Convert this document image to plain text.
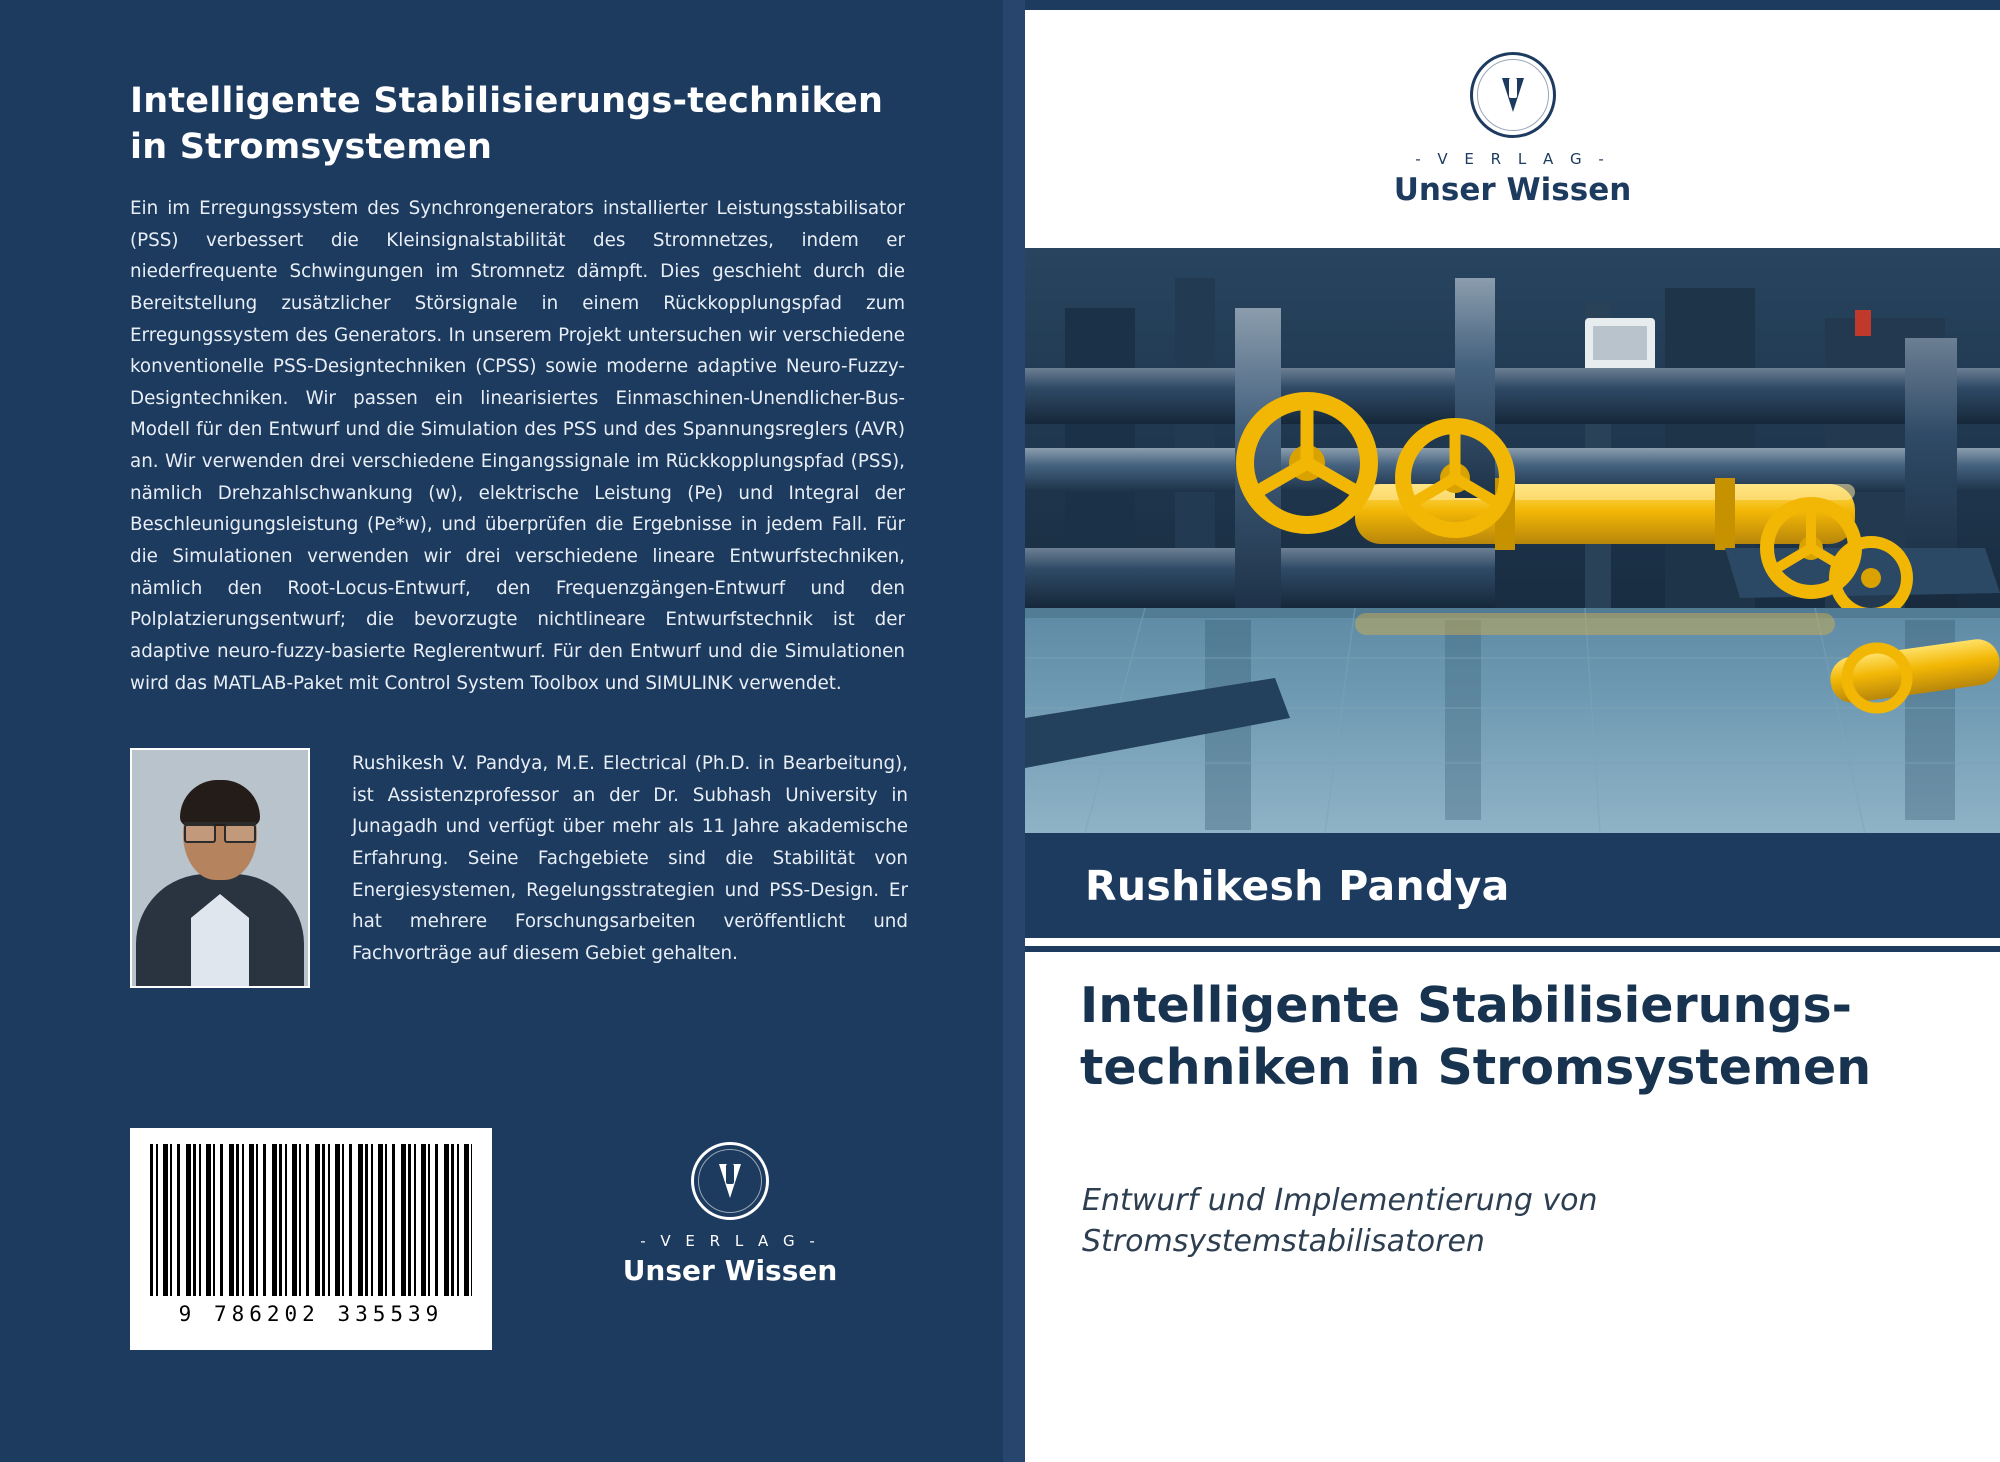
Intelligente Stabilisierungs-techniken in Stromsystemen
Ein im Erregungssystem des Synchrongenerators installierter Leistungsstabilisator (PSS) verbessert die Kleinsignalstabilität des Stromnetzes, indem er niederfrequente Schwingungen im Stromnetz dämpft. Dies geschieht durch die Bereitstellung zusätzlicher Störsignale in einem Rückkopplungspfad zum Erregungssystem des Generators. In unserem Projekt untersuchen wir verschiedene konventionelle PSS-Designtechniken (CPSS) sowie moderne adaptive Neuro-Fuzzy-Designtechniken. Wir passen ein linearisiertes Einmaschinen-Unendlicher-Bus-Modell für den Entwurf und die Simulation des PSS und des Spannungsreglers (AVR) an. Wir verwenden drei verschiedene Eingangssignale im Rückkopplungspfad (PSS), nämlich Drehzahlschwankung (w), elektrische Leistung (Pe) und Integral der Beschleunigungsleistung (Pe*w), und überprüfen die Ergebnisse in jedem Fall. Für die Simulationen verwenden wir drei verschiedene lineare Entwurfstechniken, nämlich den Root-Locus-Entwurf, den Frequenzgängen-Entwurf und den Polplatzierungsentwurf; die bevorzugte nichtlineare Entwurfstechnik ist der adaptive neuro-fuzzy-basierte Reglerentwurf. Für den Entwurf und die Simulationen wird das MATLAB-Paket mit Control System Toolbox und SIMULINK verwendet.
Rushikesh V. Pandya, M.E. Electrical (Ph.D. in Bearbeitung), ist Assistenzprofessor an der Dr. Subhash University in Junagadh und verfügt über mehr als 11 Jahre akademische Erfahrung. Seine Fachgebiete sind die Stabilität von Energiesystemen, Regelungsstrategien und PSS-Design. Er hat mehrere Forschungsarbeiten veröffentlicht und Fachvorträge auf diesem Gebiet gehalten.
9 786202 335539
- V E R L A G -
Unser Wissen
- V E R L A G -
Unser Wissen
Rushikesh Pandya
Intelligente Stabilisierungs-techniken in Stromsystemen
Entwurf und Implementierung von Stromsystemstabilisatoren
